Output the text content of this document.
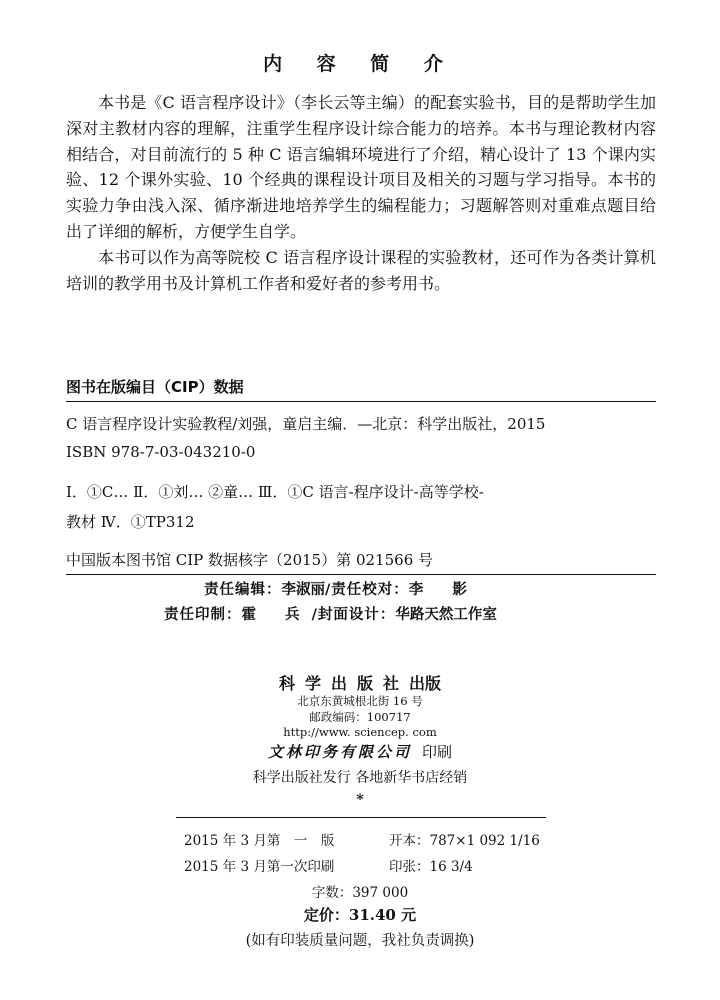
内 容 简 介

本书是《C 语言程序设计》（李长云等主编）的配套实验书，目的是帮助学生加深对主教材内容的理解，注重学生程序设计综合能力的培养。本书与理论教材内容相结合，对目前流行的 5 种 C 语言编辑环境进行了介绍，精心设计了 13 个课内实验、12 个课外实验、10 个经典的课程设计项目及相关的习题与学习指导。本书的实验力争由浅入深、循序渐进地培养学生的编程能力；习题解答则对重难点题目给出了详细的解析，方便学生自学。

本书可以作为高等院校 C 语言程序设计课程的实验教材，还可作为各类计算机培训的教学用书及计算机工作者和爱好者的参考用书。

图书在版编目（CIP）数据
C 语言程序设计实验教程/刘强，童启主编．—北京：科学出版社，2015
ISBN 978-7-03-043210-0
Ⅰ．①C… Ⅱ．①刘… ②童… Ⅲ．①C 语言-程序设计-高等学校-
教材 Ⅳ．①TP312
中国版本图书馆 CIP 数据核字（2015）第 021566 号
责任编辑：李淑丽/责任校对：李 影
责任印制：霍 兵/封面设计：华路天然工作室
科学出版社出版
北京东黄城根北街 16 号
邮政编码：100717
http://www. sciencep. com
文林印务有限公司 印刷
科学出版社发行 各地新华书店经销
*
2015 年 3 月第　一　版	开本：787×1 092 1/16
2015 年 3 月第一次印刷	印张：16 3/4
字数：397 000
定价：31.40 元
(如有印装质量问题，我社负责调换)
